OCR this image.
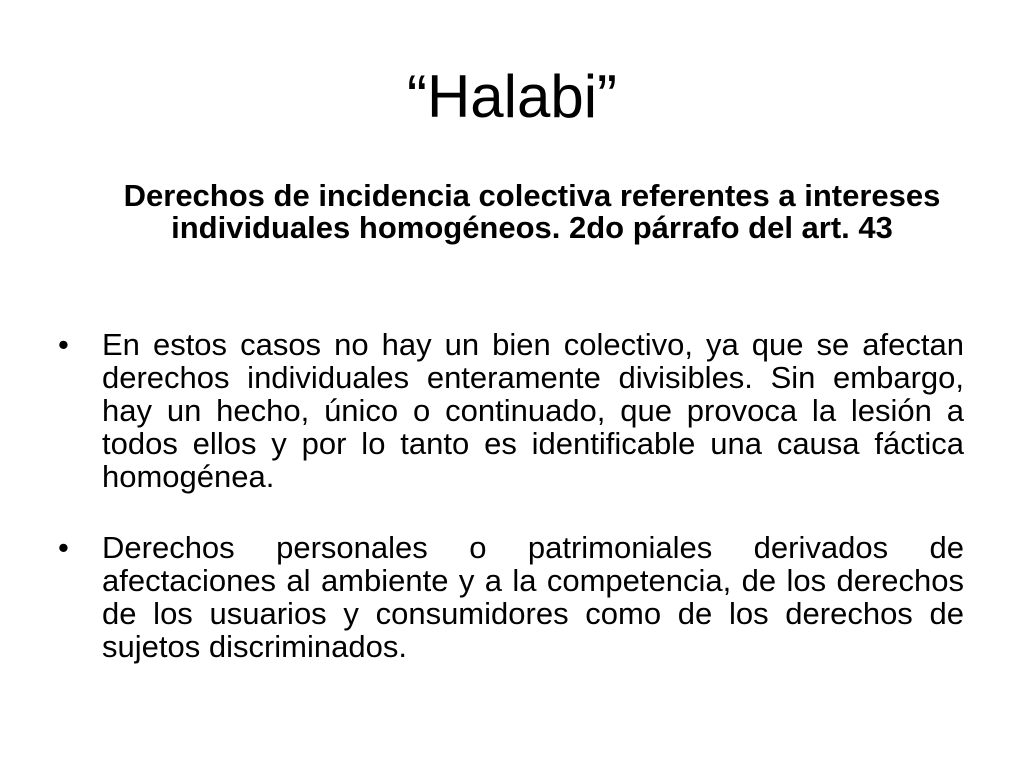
“Halabi”

Derechos de incidencia colectiva referentes a intereses individuales homogéneos. 2do párrafo del art. 43

•	En estos casos no hay un bien colectivo, ya que se afectan derechos individuales enteramente divisibles. Sin embargo, hay un hecho, único o continuado, que provoca la lesión a todos ellos y por lo tanto es identificable una causa fáctica homogénea.
•	Derechos personales o patrimoniales derivados de afectaciones al ambiente y a la competencia, de los derechos de los usuarios y consumidores como de los derechos de sujetos discriminados.
